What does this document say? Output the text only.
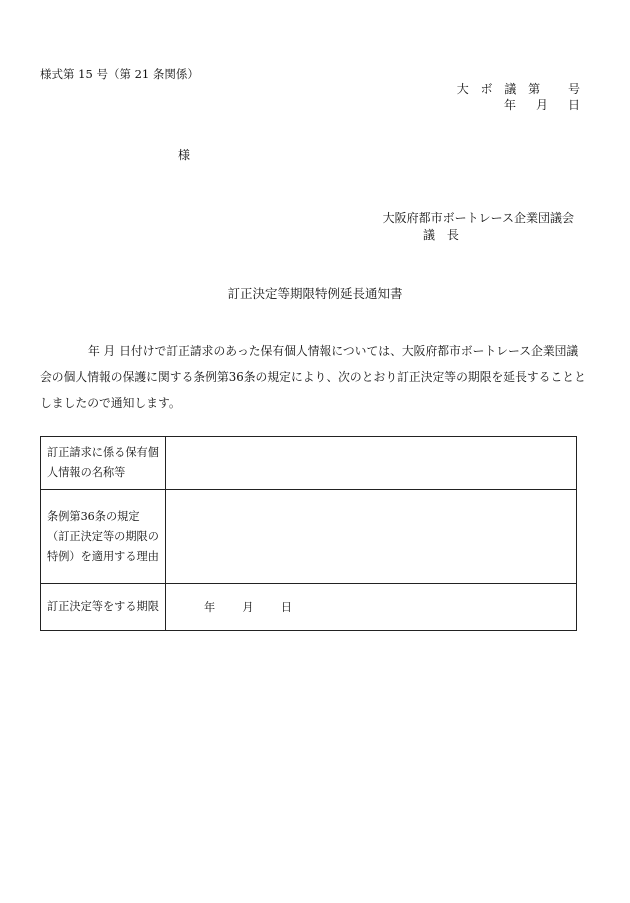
様式第 15 号（第 21 条関係）
大 ボ 議 第　 号
年　月　日
様
大阪府都市ボートレース企業団議会
議 長
訂正決定等期限特例延長通知書
年 月 日付けで訂正請求のあった保有個人情報については、大阪府都市ボートレース企業団議会の個人情報の保護に関する条例第36条の規定により、次のとおり訂正決定等の期限を延長することとしましたので通知します。
訂正請求に係る保有個人情報の名称等	
条例第36条の規定（訂正決定等の期限の特例）を適用する理由	
訂正決定等をする期限	年　月　日
